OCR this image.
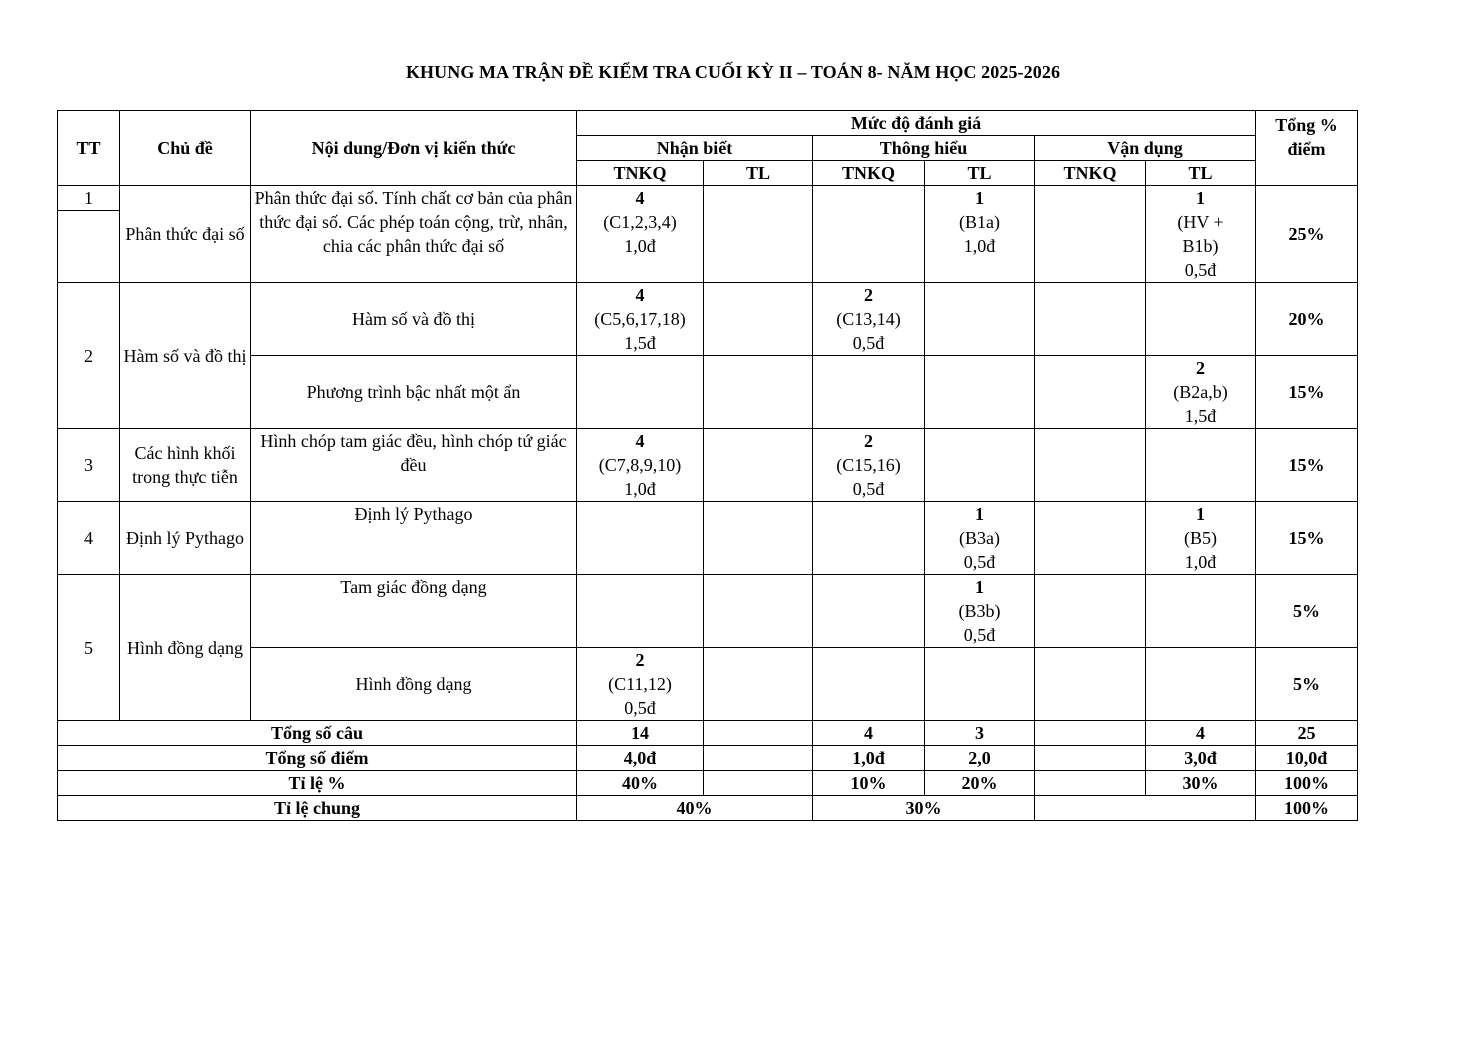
KHUNG MA TRẬN ĐỀ KIỂM TRA CUỐI KỲ II – TOÁN 8- NĂM HỌC 2025-2026
TT	Chủ đề	Nội dung/Đơn vị kiến thức	Mức độ đánh giá						Tổng % điểm
			Nhận biết		Thông hiểu		Vận dụng		
			TNKQ	TL	TNKQ	TL	TNKQ	TL	
1	Phân thức đại số	Phân thức đại số. Tính chất cơ bản của phân thức đại số. Các phép toán cộng, trừ, nhân, chia các phân thức đại số	4
(C1,2,3,4)
1,0đ			1
(B1a)
1,0đ		1
(HV +
B1b)
0,5đ	25%

2	Hàm số và đồ thị	Hàm số và đồ thị	4
(C5,6,17,18)
1,5đ		2
(C13,14)
0,5đ				20%
		Phương trình bậc nhất một ẩn						2
(B2a,b)
1,5đ	15%
3	Các hình khối trong thực tiễn	Hình chóp tam giác đều, hình chóp tứ giác đều	4
(C7,8,9,10)
1,0đ		2
(C15,16)
0,5đ				15%
4	Định lý Pythago	Định lý Pythago				1
(B3a)
0,5đ		1
(B5)
1,0đ	15%
5	Hình đồng dạng	Tam giác đồng dạng				1
(B3b)
0,5đ			5%
		Hình đồng dạng	2
(C11,12)
0,5đ						5%
Tổng số câu			14		4	3		4	25
Tổng số điểm			4,0đ		1,0đ	2,0		3,0đ	10,0đ
Tỉ lệ %			40%		10%	20%		30%	100%
Tỉ lệ chung			40%		30%				100%
